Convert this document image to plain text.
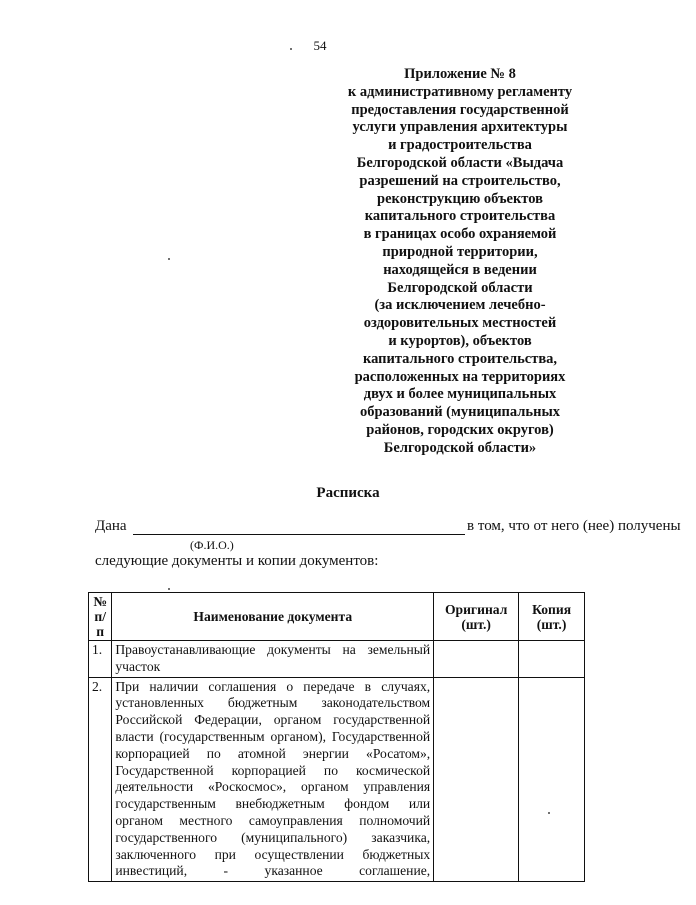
54
Приложение № 8
к административному регламенту
предоставления государственной
услуги управления архитектуры
и градостроительства
Белгородской области «Выдача
разрешений на строительство,
реконструкцию объектов
капитального строительства
в границах особо охраняемой
природной территории,
находящейся в ведении
Белгородской области
(за исключением лечебно-
оздоровительных местностей
и курортов), объектов
капитального строительства,
расположенных на территориях
двух и более муниципальных
образований (муниципальных
районов, городских округов)
Белгородской области»
Расписка
Дана	в том, что от него (нее) получены
(Ф.И.О.)
следующие документы и копии документов:
№ п/п	Наименование документа	Оригинал (шт.)	Копия (шт.)
1.	Правоустанавливающие документы на земельный участок		
2.	При наличии соглашения о передаче в случаях, установленных бюджетным законодательством Российской Федерации, органом государственной власти (государственным органом), Государственной корпорацией по атомной энергии «Росатом», Государственной корпорацией по космической деятельности «Роскосмос», органом управления государственным внебюджетным фондом или органом местного самоуправления полномочий государственного (муниципального) заказчика, заключенного при осуществлении бюджетных инвестиций, - указанное соглашение,		
